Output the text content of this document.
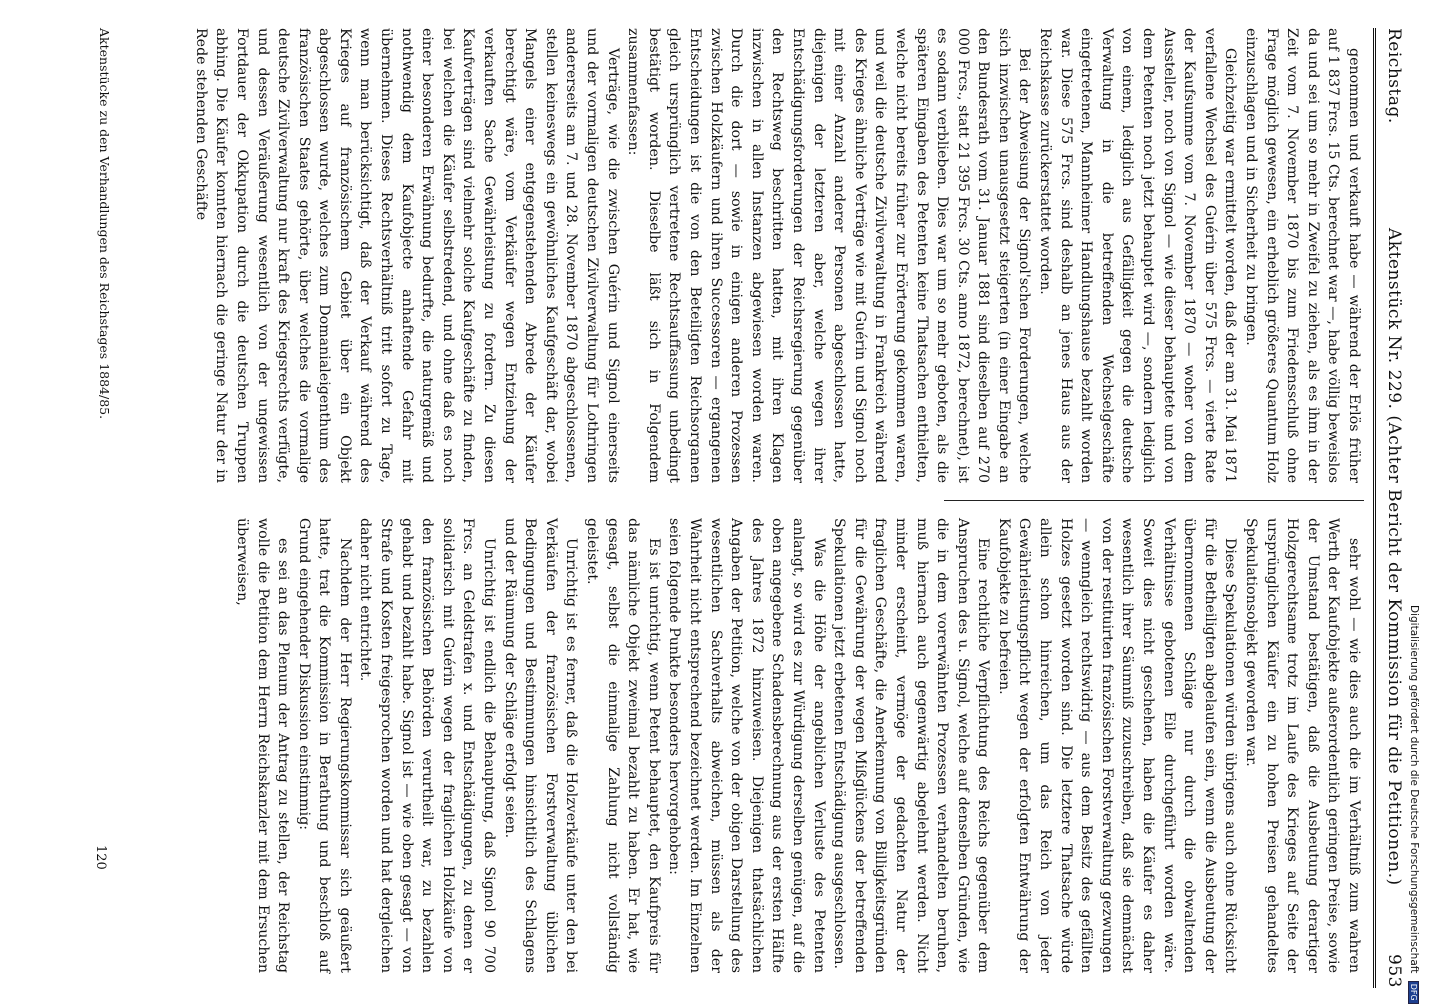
Reichstag.
Aktenstück Nr. 229. (Achter Bericht der Kommission für die Petitionen.)
953

genommen und verkauft habe — während der Erlös früher auf 1 837 Frcs. 15 Cts. berechnet war —, habe völlig beweislos da und sei um so mehr in Zweifel zu ziehen, als es ihm in der Zeit vom 7. November 1870 bis zum Friedensschluß ohne Frage möglich gewesen, ein erheblich größeres Quantum Holz einzuschlagen und in Sicherheit zu bringen.

Gleichzeitig war ermittelt worden, daß der am 31. Mai 1871 verfallene Wechsel des Guérin über 575 Frcs. — vierte Rate der Kaufsumme vom 7. November 1870 — woher von dem Aussteller, noch von Signol — wie dieser behauptete und von dem Petenten noch jetzt behauptet wird —, sondern lediglich von einem, lediglich aus Gefälligkeit gegen die deutsche Verwaltung in die betreffenden Wechselgeschäfte eingetretenen, Mannheimer Handlungshause bezahlt worden war. Diese 575 Frcs. sind deshalb an jenes Haus aus der Reichskasse zurückerstattet worden.

Bei der Abweisung der Signol'schen Forderungen, welche sich inzwischen unausgesetzt steigerten (in einer Eingabe an den Bundesrath vom 31. Januar 1881 sind dieselben auf 270 000 Frcs., statt 21 395 Frcs. 30 Cts. anno 1872, berechnet), ist es sodann verblieben. Dies war um so mehr geboten, als die späteren Eingaben des Petenten keine Thatsachen enthielten, welche nicht bereits früher zur Erörterung gekommen waren, und weil die deutsche Zivilverwaltung in Frankreich während des Krieges ähnliche Verträge wie mit Guérin und Signol noch mit einer Anzahl anderer Personen abgeschlossen hatte, diejenigen der letzteren aber, welche wegen ihrer Entschädigungsforderungen der Reichsregierung gegenüber den Rechtsweg beschritten hatten, mit ihren Klagen inzwischen in allen Instanzen abgewiesen worden waren. Durch die dort — sowie in einigen anderen Prozessen zwischen Holzkäufern und ihren Successoren — ergangenen Entscheidungen ist die von den Beteiligten Reichsorganen gleich ursprünglich vertretene Rechtsauffassung unbedingt bestätigt worden. Dieselbe läßt sich in Folgendem zusammenfassen:

Verträge, wie die zwischen Guérin und Signol einerseits und der vormaligen deutschen Zivilverwaltung für Lothringen andererseits am 7. und 28. November 1870 abgeschlossenen, stellen keineswegs ein gewöhnliches Kaufgeschäft dar, wobei Mangels einer entgegenstehenden Abrede der Käufer berechtigt wäre, vom Verkäufer wegen Entziehung der verkauften Sache Gewährleistung zu fordern. Zu diesen Kaufverträgen sind vielmehr solche Kaufgeschäfte zu finden, bei welchen die Käufer selbstredend, und ohne daß es noch einer besonderen Erwähnung bedurfte, die naturgemäß und nothwendig dem Kaufobjecte anhaftende Gefahr mit übernehmen. Dieses Rechtsverhältniß tritt sofort zu Tage, wenn man berücksichtigt, daß der Verkauf während des Krieges auf französischem Gebiet über ein Objekt abgeschlossen wurde, welches zum Domanialeigenthum des französischen Staates gehörte, über welches die vormalige deutsche Zivilverwaltung nur kraft des Kriegsrechts verfügte, und dessen Veräußerung wesentlich von der ungewissen Fortdauer der Okkupation durch die deutschen Truppen abhing. Die Käufer konnten hiernach die geringe Natur der in Rede stehenden Geschäfte

sehr wohl — wie dies auch die im Verhältniß zum wahren Werth der Kaufobjekte außerordentlich geringen Preise, sowie der Umstand bestätigen, daß die Ausbeutung derartiger Holzgerechtsame trotz im Laufe des Krieges auf Seite der ursprünglichen Käufer ein zu hohen Preisen gehandeltes Spekulationsobjekt geworden war.

Diese Spekulationen würden übrigens auch ohne Rücksicht für die Betheiligten abgelaufen sein, wenn die Ausbeutung der übernommenen Schläge nur durch die obwaltenden Verhältnisse gebotenen Eile durchgeführt worden wäre. Soweit dies nicht geschehen, haben die Käufer es daher wesentlich ihrer Säumniß zuzuschreiben, daß sie demnächst von der restituirten französischen Forstverwaltung gezwungen — wenngleich rechtswidrig — aus dem Besitz des gefällten Holzes gesetzt worden sind. Die letztere Thatsache würde allein schon hinreichen, um das Reich von jeder Gewährleistungspflicht wegen der erfolgten Entwährung der Kaufobjekte zu befreien.

Eine rechtliche Verpflichtung des Reichs gegenüber dem Anspruchen des u. Signol, welche auf denselben Gründen, wie die in dem vorerwähnten Prozessen verhandelten beruhen, muß hiernach auch gegenwärtig abgelehnt werden. Nicht minder erscheint, vermöge der gedachten Natur der fraglichen Geschäfte, die Anerkennung von Billigkeitsgründen für die Gewährung der wegen Mißglückens der betreffenden Spekulationen jetzt erbetenen Entschädigung ausgeschlossen.

Was die Höhe der angeblichen Verluste des Petenten anlangt, so wird es zur Würdigung derselben genügen, auf die oben angegebene Schadensberechnung aus der ersten Hälfte des Jahres 1872 hinzuweisen. Diejenigen thatsächlichen Angaben der Petition, welche von der obigen Darstellung des wesentlichen Sachverhalts abweichen, müssen als der Wahrheit nicht entsprechend bezeichnet werden. Im Einzelnen seien folgende Punkte besonders hervorgehoben:

Es ist unrichtig, wenn Petent behauptet, den Kaufpreis für das nämliche Objekt zweimal bezahlt zu haben. Er hat, wie gesagt, selbst die einmalige Zahlung nicht vollständig geleistet.

Unrichtig ist es ferner, daß die Holzverkäufe unter den bei Verkäufen der französischen Forstverwaltung üblichen Bedingungen und Bestimmungen hinsichtlich des Schlagens und der Räumung der Schläge erfolgt seien.

Unrichtig ist endlich die Behauptung, daß Signol 90 700 Frcs. an Geldstrafen x. und Entschädigungen, zu denen er solidarisch mit Guérin wegen der fraglichen Holzkäufe von den französischen Behörden verurtheilt war, zu bezahlen gehabt und bezahlt habe. Signol ist — wie oben gesagt — von Strafe und Kosten freigesprochen worden und hat dergleichen daher nicht entrichtet.

Nachdem der Herr Regierungskommissar sich geäußert hatte, trat die Kommission in Berathung und beschloß auf Grund eingehender Diskussion einstimmig:

es sei an das Plenum der Antrag zu stellen, der Reichstag wolle die Petition dem Herrn Reichskanzler mit dem Ersuchen überweisen,

Aktenstücke zu den Verhandlungen des Reichstages 1884/85.
120	Digitalisierung gefördert durch die Deutsche Forschungsgemeinschaft DFG
